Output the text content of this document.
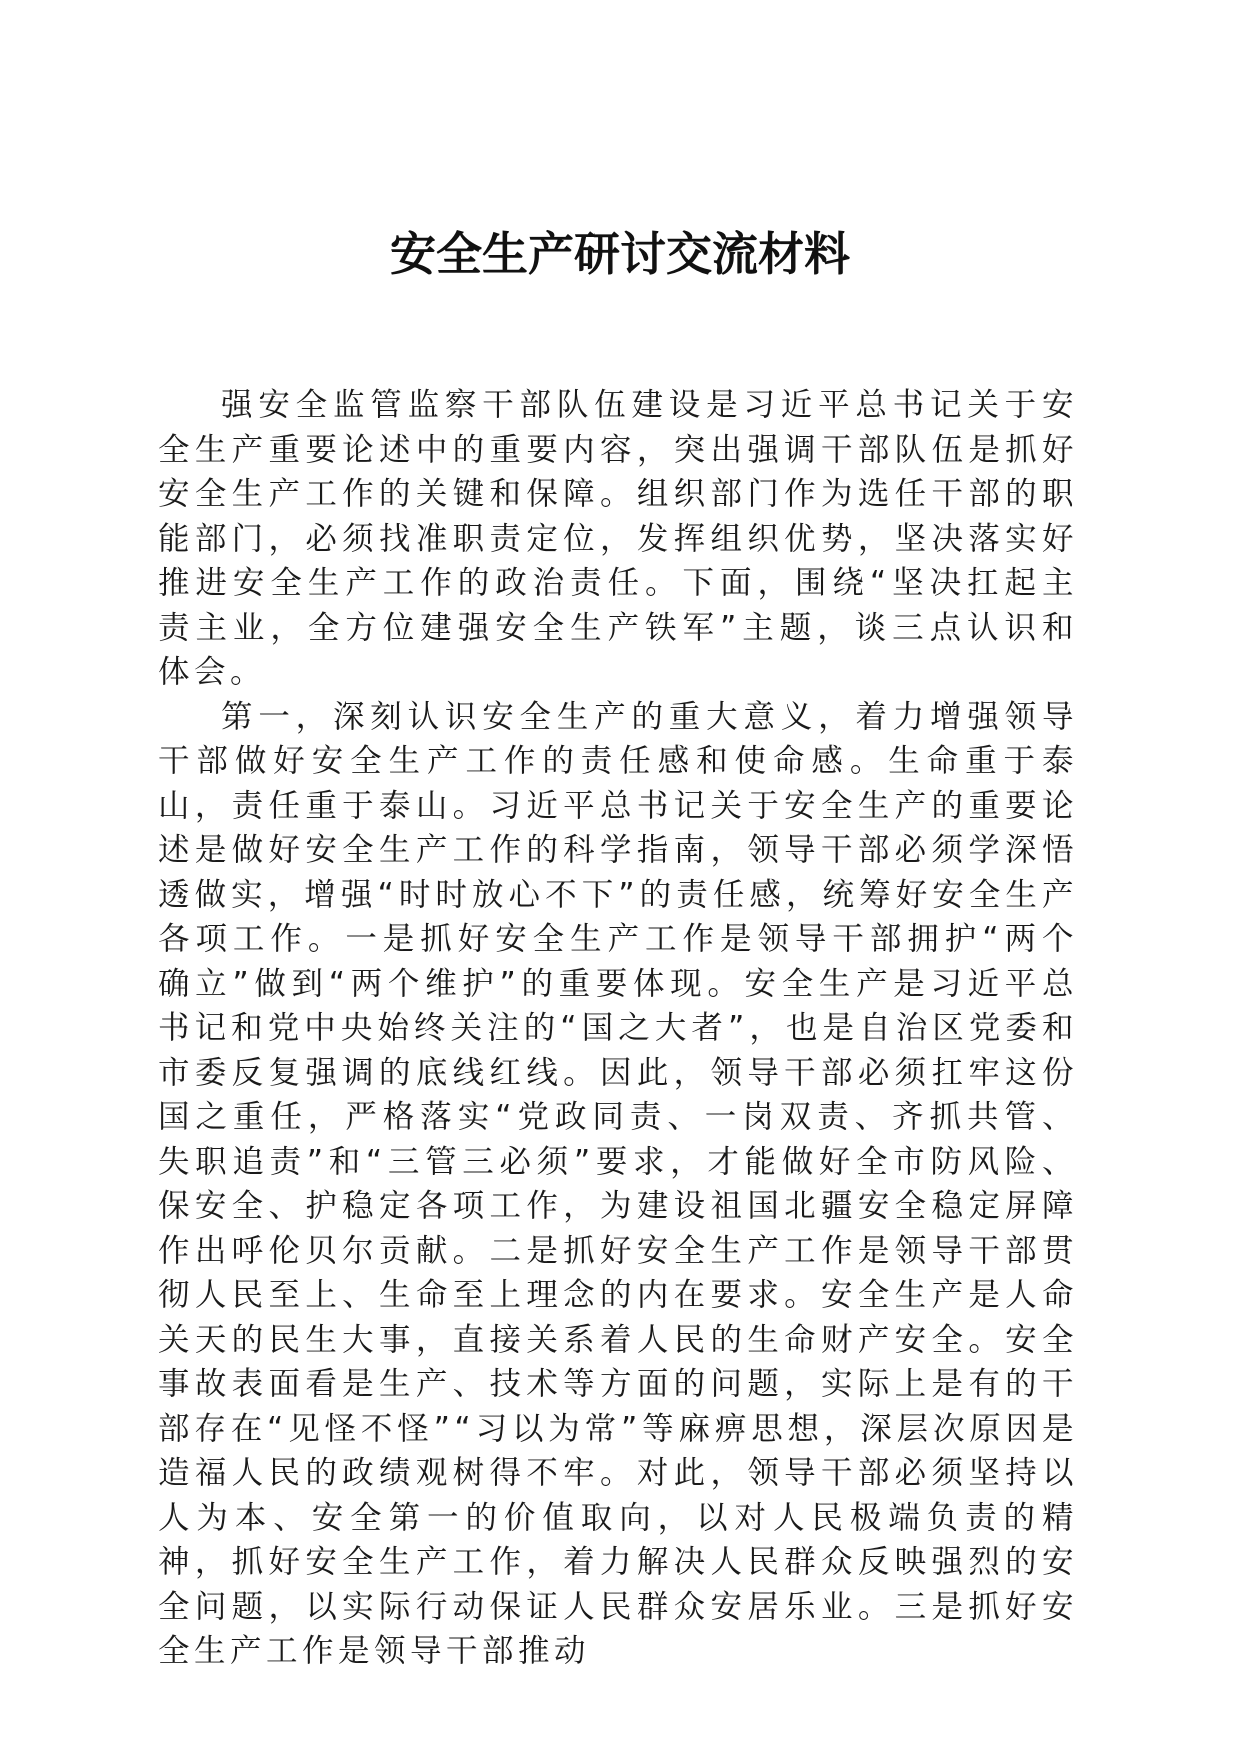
安全生产研讨交流材料

强安全监管监察干部队伍建设是习近平总书记关于安全生产重要论述中的重要内容，突出强调干部队伍是抓好安全生产工作的关键和保障。组织部门作为选任干部的职能部门，必须找准职责定位，发挥组织优势，坚决落实好推进安全生产工作的政治责任。下面，围绕“坚决扛起主责主业，全方位建强安全生产铁军”主题，谈三点认识和体会。

第一，深刻认识安全生产的重大意义，着力增强领导干部做好安全生产工作的责任感和使命感。生命重于泰山，责任重于泰山。习近平总书记关于安全生产的重要论述是做好安全生产工作的科学指南，领导干部必须学深悟透做实，增强“时时放心不下”的责任感，统筹好安全生产各项工作。一是抓好安全生产工作是领导干部拥护“两个确立”做到“两个维护”的重要体现。安全生产是习近平总书记和党中央始终关注的“国之大者”，也是自治区党委和市委反复强调的底线红线。因此，领导干部必须扛牢这份国之重任，严格落实“党政同责、一岗双责、齐抓共管、失职追责”和“三管三必须”要求，才能做好全市防风险、保安全、护稳定各项工作，为建设祖国北疆安全稳定屏障作出呼伦贝尔贡献。二是抓好安全生产工作是领导干部贯彻人民至上、生命至上理念的内在要求。安全生产是人命关天的民生大事，直接关系着人民的生命财产安全。安全事故表面看是生产、技术等方面的问题，实际上是有的干部存在“见怪不怪”“习以为常”等麻痹思想，深层次原因是造福人民的政绩观树得不牢。对此，领导干部必须坚持以人为本、安全第一的价值取向，以对人民极端负责的精神，抓好安全生产工作，着力解决人民群众反映强烈的安全问题，以实际行动保证人民群众安居乐业。三是抓好安全生产工作是领导干部推动
